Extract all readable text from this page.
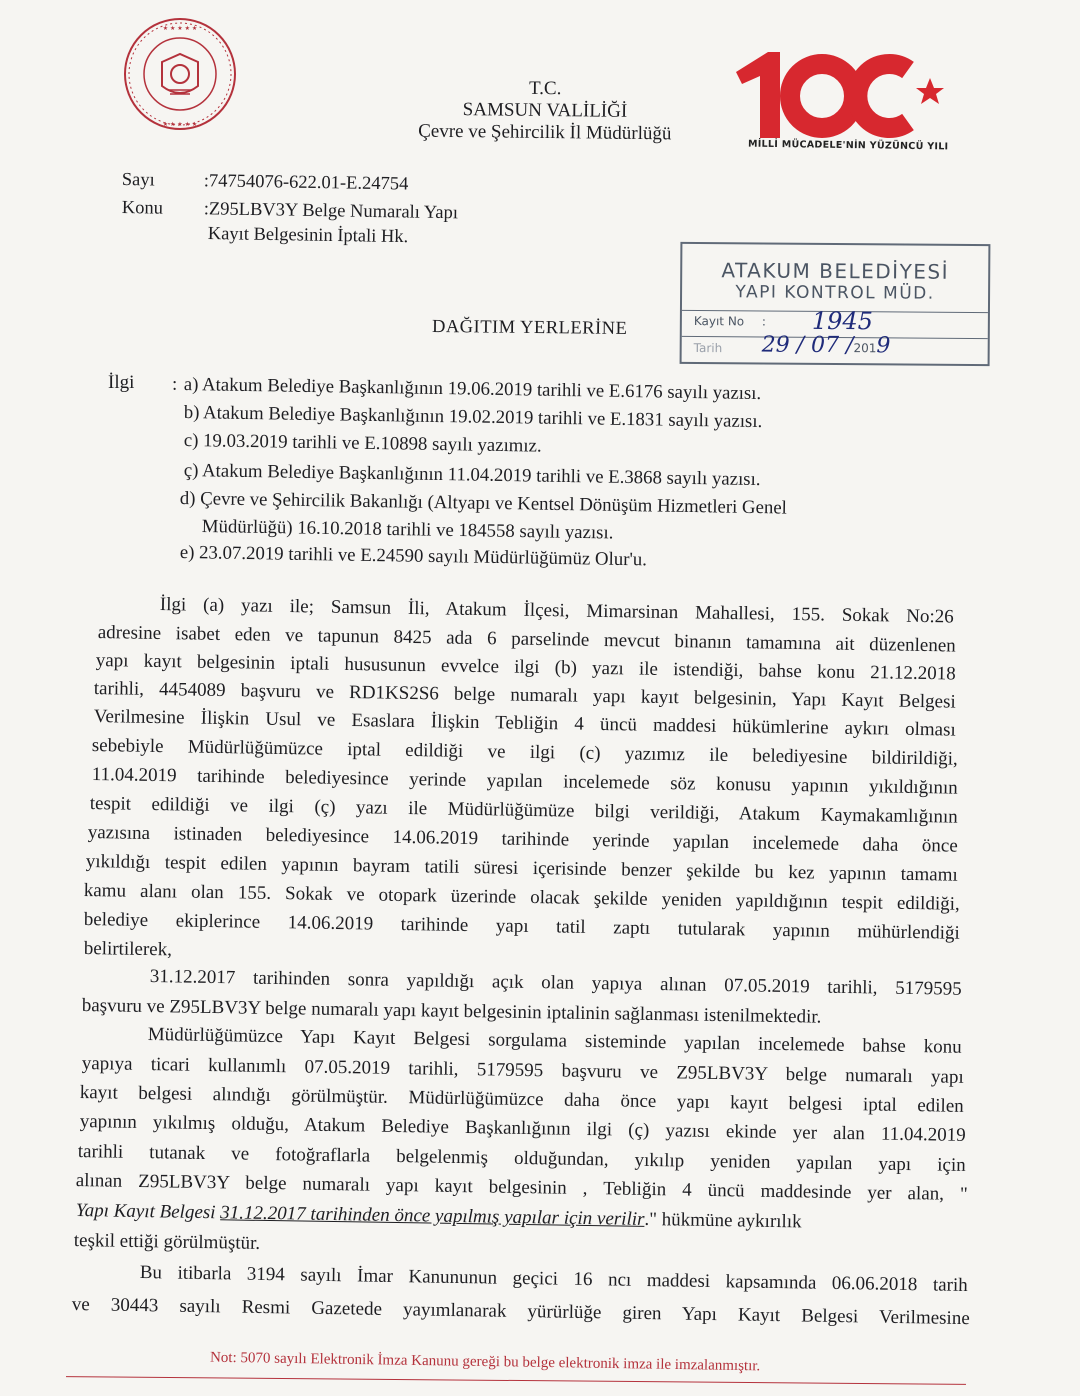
★ ★ ★ ★ ★
★ ★ ★ ★ ★
T.C.
SAMSUN VALİLİĞİ
Çevre ve Şehircilik İl Müdürlüğü
MİLLİ MÜCADELE'NİN YÜZÜNCÜ YILI
Sayı	:74754076-622.01-E.24754
Konu :Z95LBV3Y Belge Numaralı Yapı
Kayıt Belgesinin İptali Hk.
ATAKUM BELEDİYESİ
YAPI KONTROL MÜD.
Kayıt No : 1945
Tarih 29 / 07 /2019
DAĞITIM YERLERİNE
İlgi : a) Atakum Belediye Başkanlığının 19.06.2019 tarihli ve E.6176 sayılı yazısı.
b) Atakum Belediye Başkanlığının 19.02.2019 tarihli ve E.1831 sayılı yazısı.
c) 19.03.2019 tarihli ve E.10898 sayılı yazımız.
ç) Atakum Belediye Başkanlığının 11.04.2019 tarihli ve E.3868 sayılı yazısı.
d) Çevre ve Şehircilik Bakanlığı (Altyapı ve Kentsel Dönüşüm Hizmetleri Genel
Müdürlüğü) 16.10.2018 tarihli ve 184558 sayılı yazısı.
e) 23.07.2019 tarihli ve E.24590 sayılı Müdürlüğümüz Olur'u.
İlgi (a) yazı ile; Samsun İli, Atakum İlçesi, Mimarsinan Mahallesi, 155. Sokak No:26
adresine isabet eden ve tapunun 8425 ada 6 parselinde mevcut binanın tamamına ait düzenlenen
yapı kayıt belgesinin iptali hususunun evvelce ilgi (b) yazı ile istendiği, bahse konu 21.12.2018
tarihli, 4454089 başvuru ve RD1KS2S6 belge numaralı yapı kayıt belgesinin, Yapı Kayıt Belgesi
Verilmesine İlişkin Usul ve Esaslara İlişkin Tebliğin 4 üncü maddesi hükümlerine aykırı olması
sebebiyle Müdürlüğümüzce iptal edildiği ve ilgi (c) yazımız ile belediyesine bildirildiği,
11.04.2019 tarihinde belediyesince yerinde yapılan incelemede söz konusu yapının yıkıldığının
tespit edildiği ve ilgi (ç) yazı ile Müdürlüğümüze bilgi verildiği, Atakum Kaymakamlığının
yazısına istinaden belediyesince 14.06.2019 tarihinde yerinde yapılan incelemede daha önce
yıkıldığı tespit edilen yapının bayram tatili süresi içerisinde benzer şekilde bu kez yapının tamamı
kamu alanı olan 155. Sokak ve otopark üzerinde olacak şekilde yeniden yapıldığının tespit edildiği,
belediye ekiplerince 14.06.2019 tarihinde yapı tatil zaptı tutularak yapının mühürlendiği
belirtilerek,
31.12.2017 tarihinden sonra yapıldığı açık olan yapıya alınan 07.05.2019 tarihli, 5179595
başvuru ve Z95LBV3Y belge numaralı yapı kayıt belgesinin iptalinin sağlanması istenilmektedir.
Müdürlüğümüzce Yapı Kayıt Belgesi sorgulama sisteminde yapılan incelemede bahse konu
yapıya ticari kullanımlı 07.05.2019 tarihli, 5179595 başvuru ve Z95LBV3Y belge numaralı yapı
kayıt belgesi alındığı görülmüştür. Müdürlüğümüzce daha önce yapı kayıt belgesi iptal edilen
yapının yıkılmış olduğu, Atakum Belediye Başkanlığının ilgi (ç) yazısı ekinde yer alan 11.04.2019
tarihli tutanak ve fotoğraflarla belgelenmiş olduğundan, yıkılıp yeniden yapılan yapı için
alınan Z95LBV3Y belge numaralı yapı kayıt belgesinin , Tebliğin 4 üncü maddesinde yer alan, "
Yapı Kayıt Belgesi 31.12.2017 tarihinden önce yapılmış yapılar için verilir." hükmüne aykırılık
teşkil ettiği görülmüştür.
Bu itibarla 3194 sayılı İmar Kanununun geçici 16 ncı maddesi kapsamında 06.06.2018 tarih
ve 30443 sayılı Resmi Gazetede yayımlanarak yürürlüğe giren Yapı Kayıt Belgesi Verilmesine
Not: 5070 sayılı Elektronik İmza Kanunu gereği bu belge elektronik imza ile imzalanmıştır.
